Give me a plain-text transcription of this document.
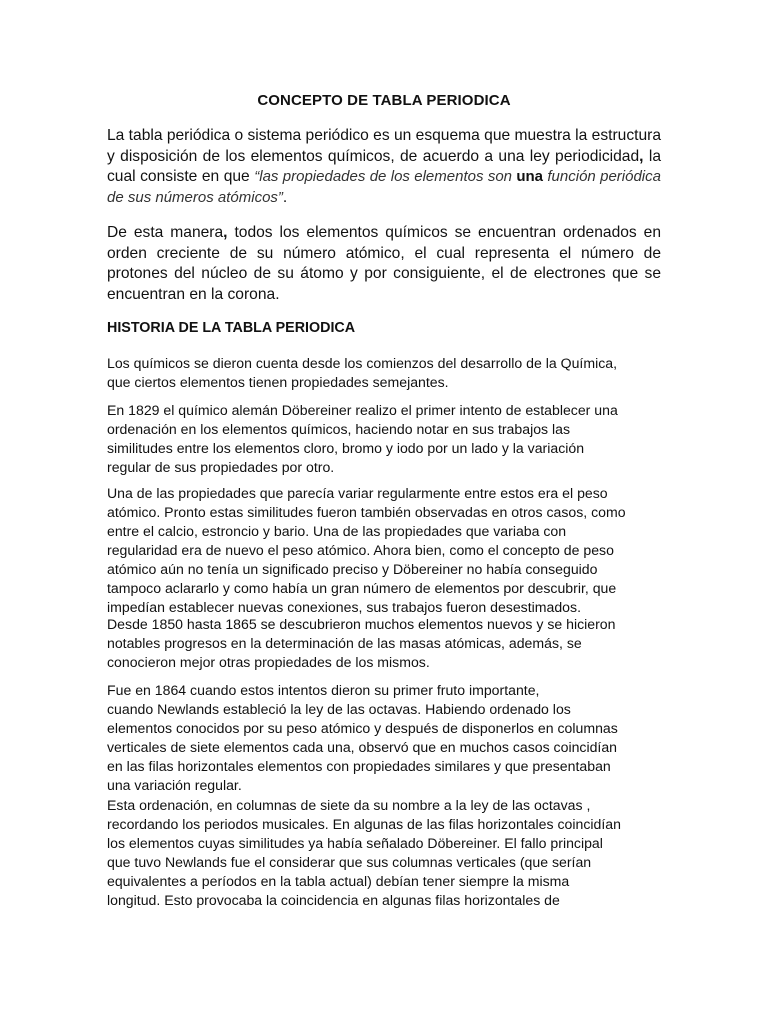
CONCEPTO DE TABLA PERIODICA
La tabla periódica o sistema periódico es un esquema que muestra la estructura y disposición de los elementos químicos, de acuerdo a una ley periodicidad, la cual consiste en que “las propiedades de los elementos son una función periódica de sus números atómicos”.
De esta manera, todos los elementos químicos se encuentran ordenados en orden creciente de su número atómico, el cual representa el número de protones del núcleo de su átomo y por consiguiente, el de electrones que se encuentran en la corona.
HISTORIA DE LA TABLA PERIODICA
Los químicos se dieron cuenta desde los comienzos del desarrollo de la Química,
que ciertos elementos tienen propiedades semejantes.
En 1829 el químico alemán Döbereiner realizo el primer intento de establecer una
ordenación en los elementos químicos, haciendo notar en sus trabajos las
similitudes entre los elementos cloro, bromo y iodo por un lado y la variación
regular de sus propiedades por otro.
Una de las propiedades que parecía variar regularmente entre estos era el peso
atómico. Pronto estas similitudes fueron también observadas en otros casos, como
entre el calcio, estroncio y bario. Una de las propiedades que variaba con
regularidad era de nuevo el peso atómico. Ahora bien, como el concepto de peso
atómico aún no tenía un significado preciso y Döbereiner no había conseguido
tampoco aclararlo y como había un gran número de elementos por descubrir, que
impedían establecer nuevas conexiones, sus trabajos fueron desestimados.
Desde 1850 hasta 1865 se descubrieron muchos elementos nuevos y se hicieron
notables progresos en la determinación de las masas atómicas, además, se
conocieron mejor otras propiedades de los mismos.
Fue en 1864 cuando estos intentos dieron su primer fruto importante,
cuando Newlands estableció la ley de las octavas. Habiendo ordenado los
elementos conocidos por su peso atómico y después de disponerlos en columnas
verticales de siete elementos cada una, observó que en muchos casos coincidían
en las filas horizontales elementos con propiedades similares y que presentaban
una variación regular.
Esta ordenación, en columnas de siete da su nombre a la ley de las octavas ,
recordando los periodos musicales. En algunas de las filas horizontales coincidían
los elementos cuyas similitudes ya había señalado Döbereiner. El fallo principal
que tuvo Newlands fue el considerar que sus columnas verticales (que serían
equivalentes a períodos en la tabla actual) debían tener siempre la misma
longitud. Esto provocaba la coincidencia en algunas filas horizontales de
